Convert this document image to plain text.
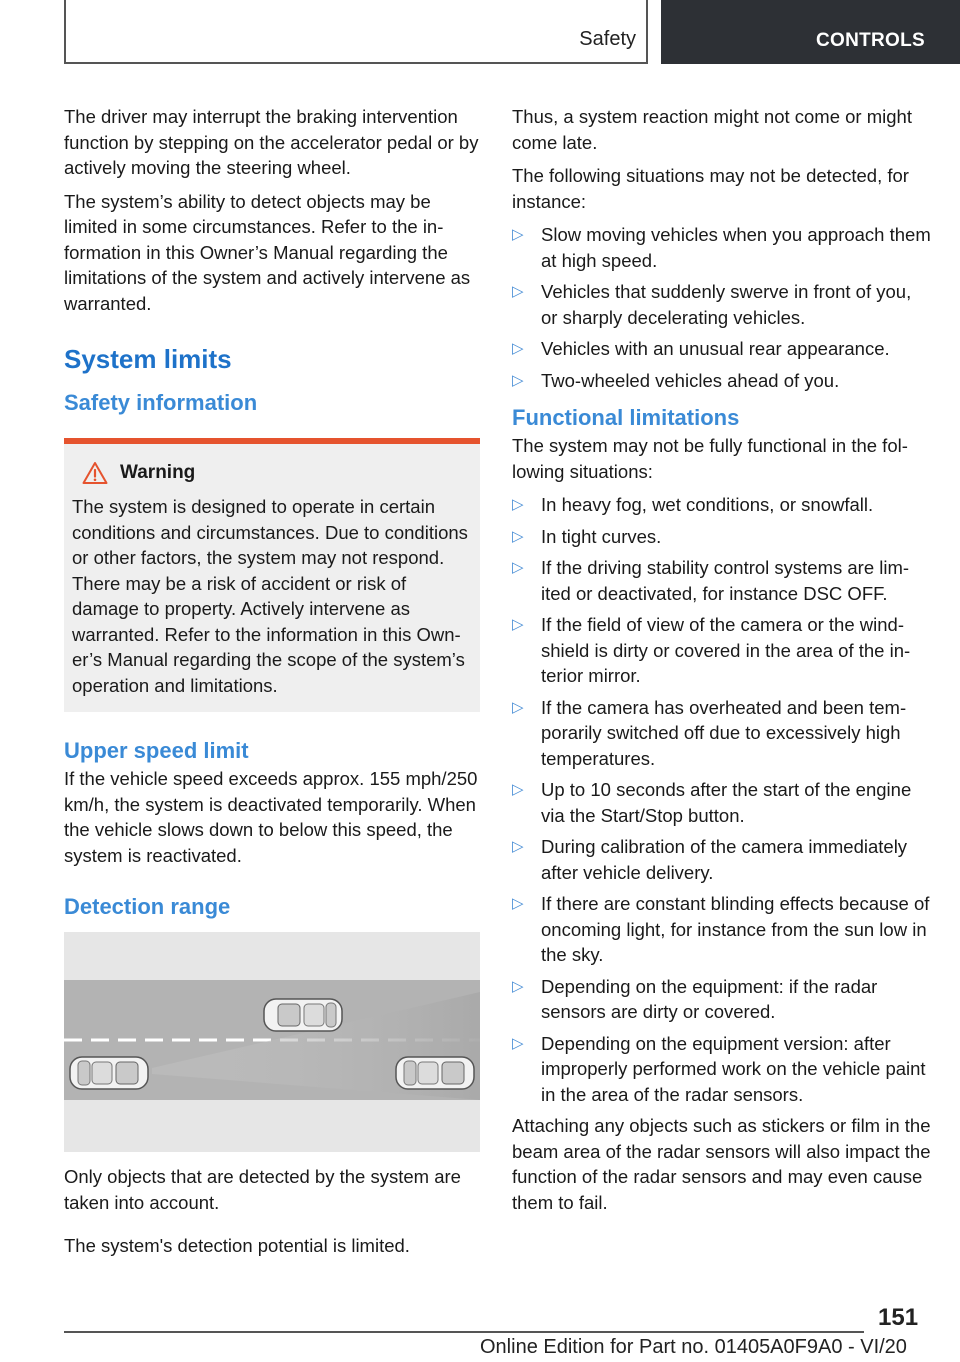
Safety	CONTROLS

The driver may interrupt the braking intervention function by stepping on the accelerator pedal or by actively moving the steering wheel.

The system’s ability to detect objects may be limited in some circumstances. Refer to the information in this Owner’s Manual regarding the limitations of the system and actively intervene as warranted.

System limits
Safety information
Warning

The system is designed to operate in certain conditions and circumstances. Due to conditions or other factors, the system may not respond. There may be a risk of accident or risk of damage to property. Actively intervene as warranted. Refer to the information in this Owner’s Manual regarding the scope of the system’s operation and limitations.

Upper speed limit

If the vehicle speed exceeds approx. 155 mph/250 km/h, the system is deactivated temporarily. When the vehicle slows down to below this speed, the system is reactivated.

Detection range

Only objects that are detected by the system are taken into account.

The system's detection potential is limited.

Thus, a system reaction might not come or might come late.

The following situations may not be detected, for instance:

▷ Slow moving vehicles when you approach them at high speed.
▷ Vehicles that suddenly swerve in front of you, or sharply decelerating vehicles.
▷ Vehicles with an unusual rear appearance.
▷ Two-wheeled vehicles ahead of you.
Functional limitations

The system may not be fully functional in the following situations:

▷ In heavy fog, wet conditions, or snowfall.
▷ In tight curves.
▷ If the driving stability control systems are limited or deactivated, for instance DSC OFF.
▷ If the field of view of the camera or the windshield is dirty or covered in the area of the interior mirror.
▷ If the camera has overheated and been temporarily switched off due to excessively high temperatures.
▷ Up to 10 seconds after the start of the engine via the Start/Stop button.
▷ During calibration of the camera immediately after vehicle delivery.
▷ If there are constant blinding effects because of oncoming light, for instance from the sun low in the sky.
▷ Depending on the equipment: if the radar sensors are dirty or covered.
▷ Depending on the equipment version: after improperly performed work on the vehicle paint in the area of the radar sensors.

Attaching any objects such as stickers or film in the beam area of the radar sensors will also impact the function of the radar sensors and may even cause them to fail.

151
Online Edition for Part no. 01405A0F9A0 - VI/20
